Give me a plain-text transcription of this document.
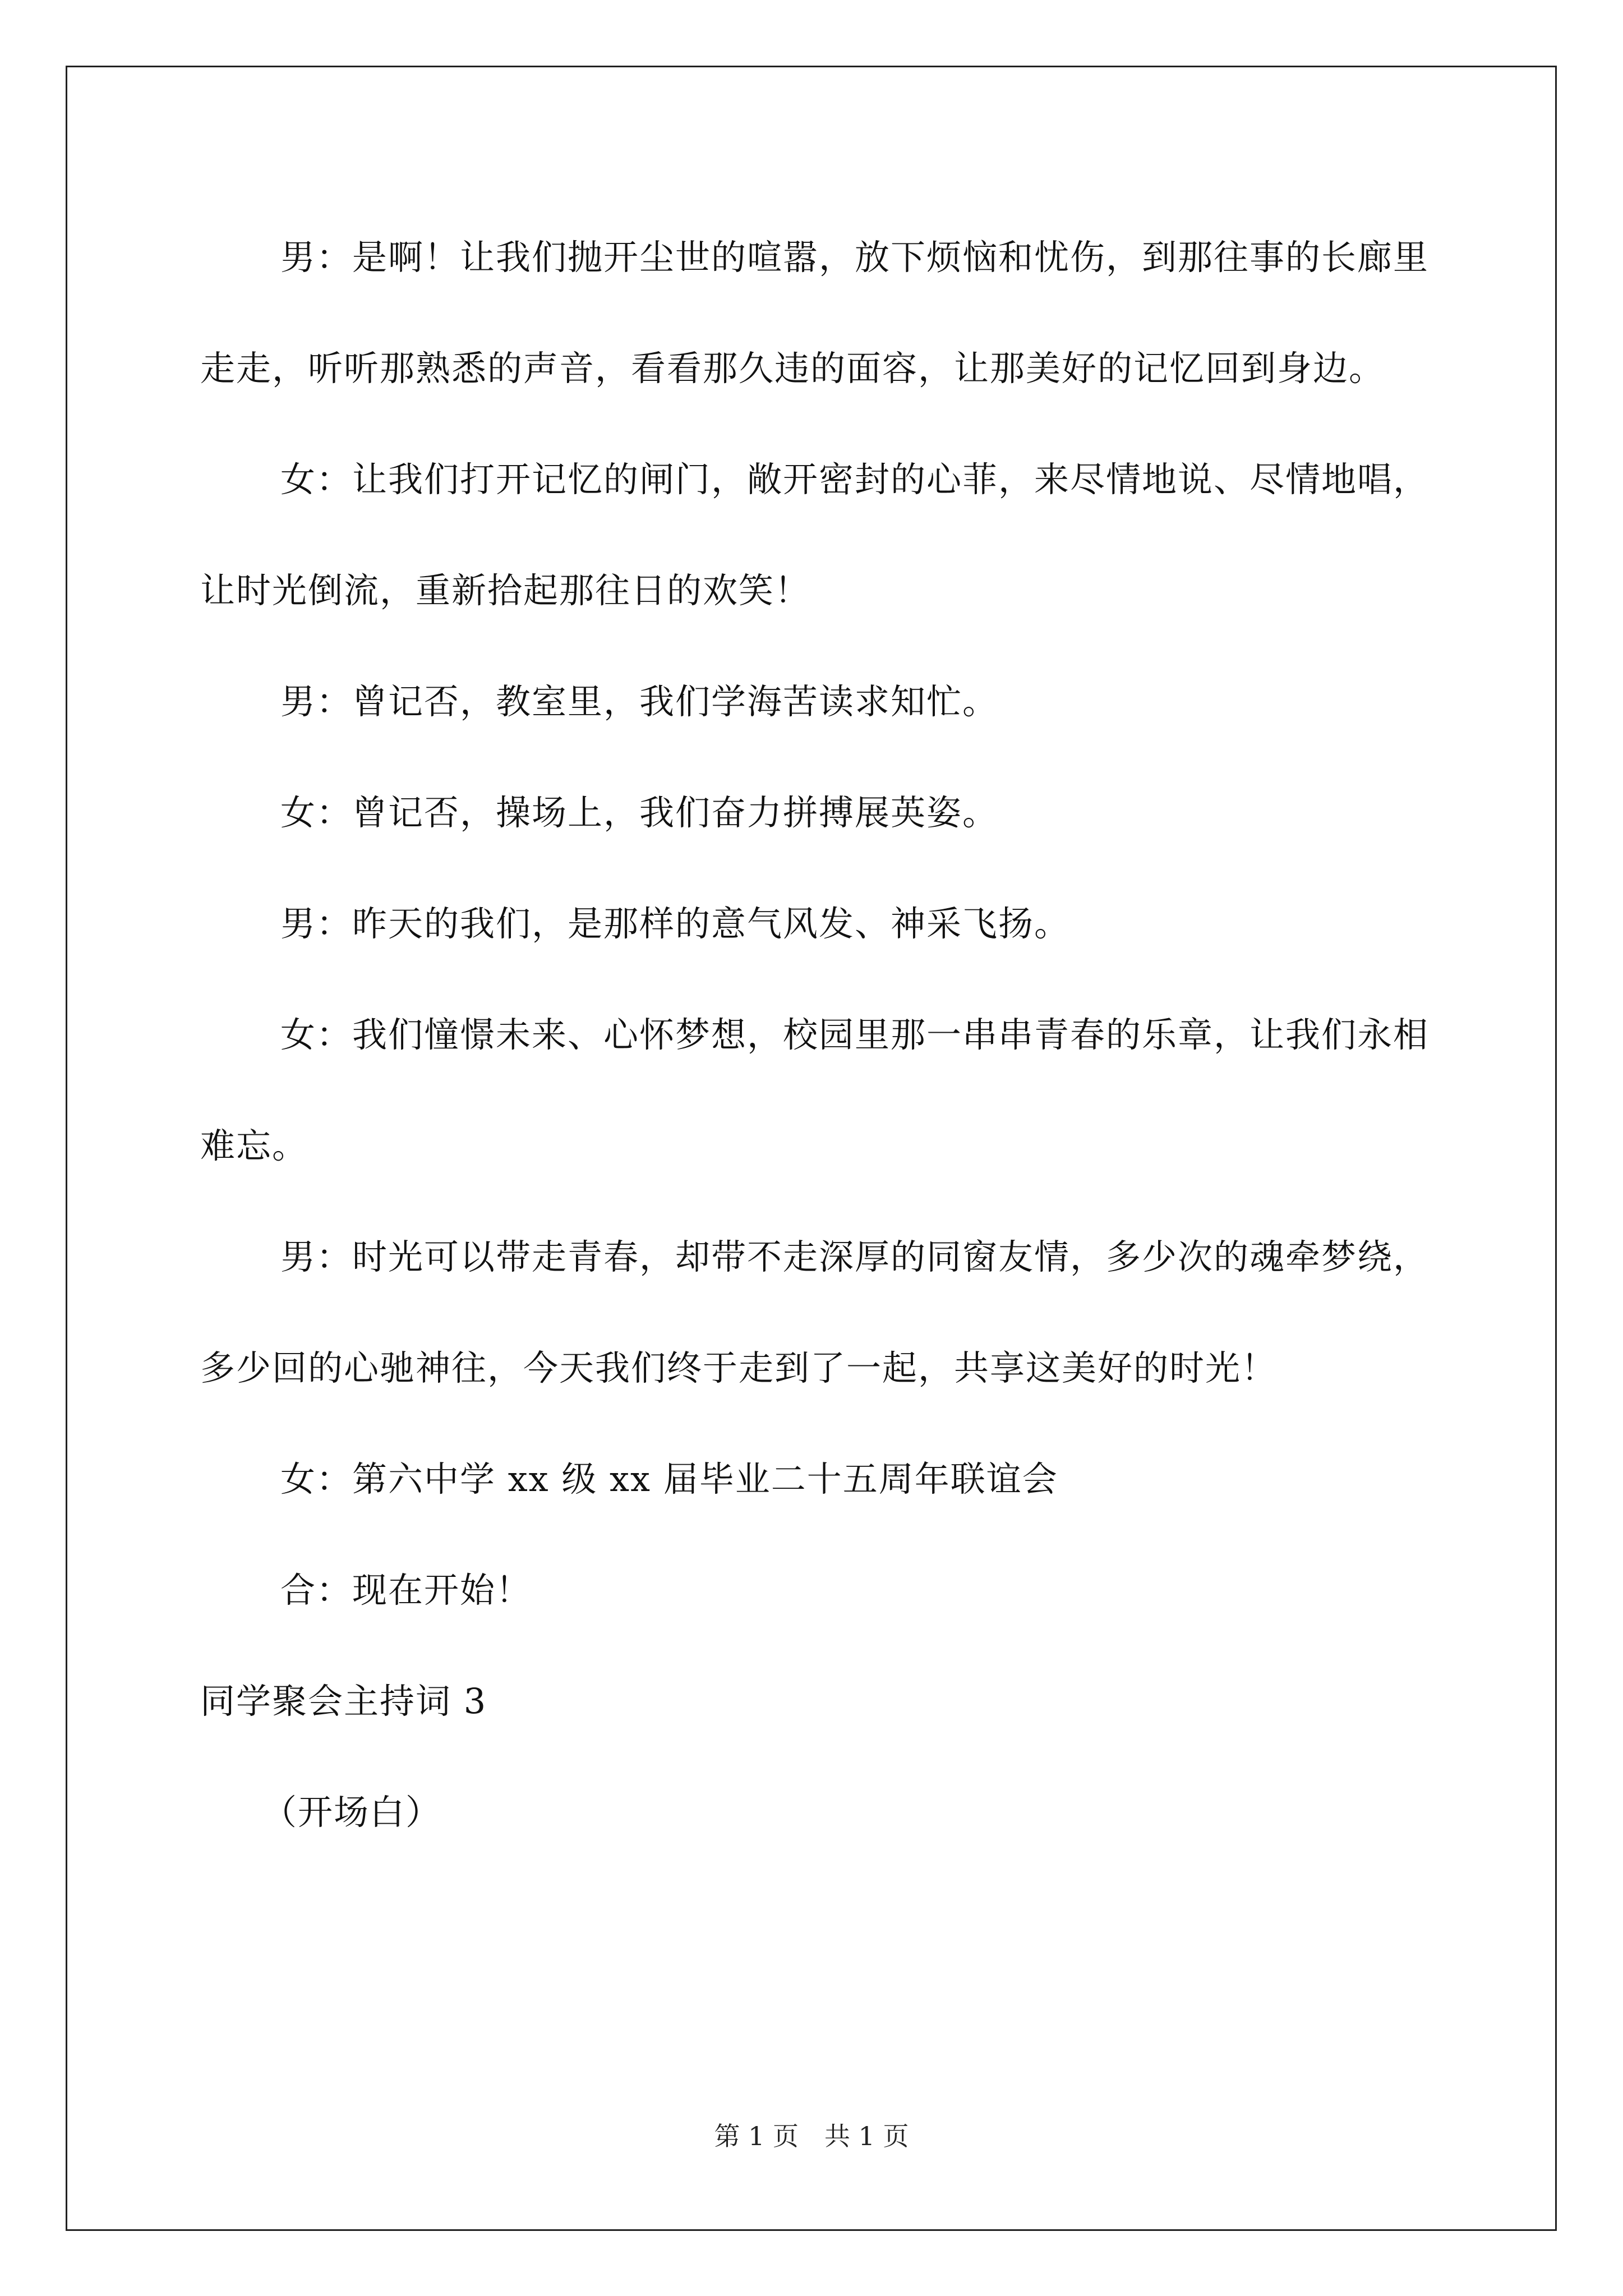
男：是啊！让我们抛开尘世的喧嚣，放下烦恼和忧伤，到那往事的长廊里走走，听听那熟悉的声音，看看那久违的面容，让那美好的记忆回到身边。

女：让我们打开记忆的闸门，敞开密封的心菲，来尽情地说、尽情地唱，让时光倒流，重新拾起那往日的欢笑！

男：曾记否，教室里，我们学海苦读求知忙。

女：曾记否，操场上，我们奋力拼搏展英姿。

男：昨天的我们，是那样的意气风发、神采飞扬。

女：我们憧憬未来、心怀梦想，校园里那一串串青春的乐章，让我们永相难忘。

男：时光可以带走青春，却带不走深厚的同窗友情，多少次的魂牵梦绕，多少回的心驰神往，今天我们终于走到了一起，共享这美好的时光！

女：第六中学 xx 级 xx 届毕业二十五周年联谊会

合：现在开始！

同学聚会主持词 3

（开场白）

第 1 页　共 1 页
